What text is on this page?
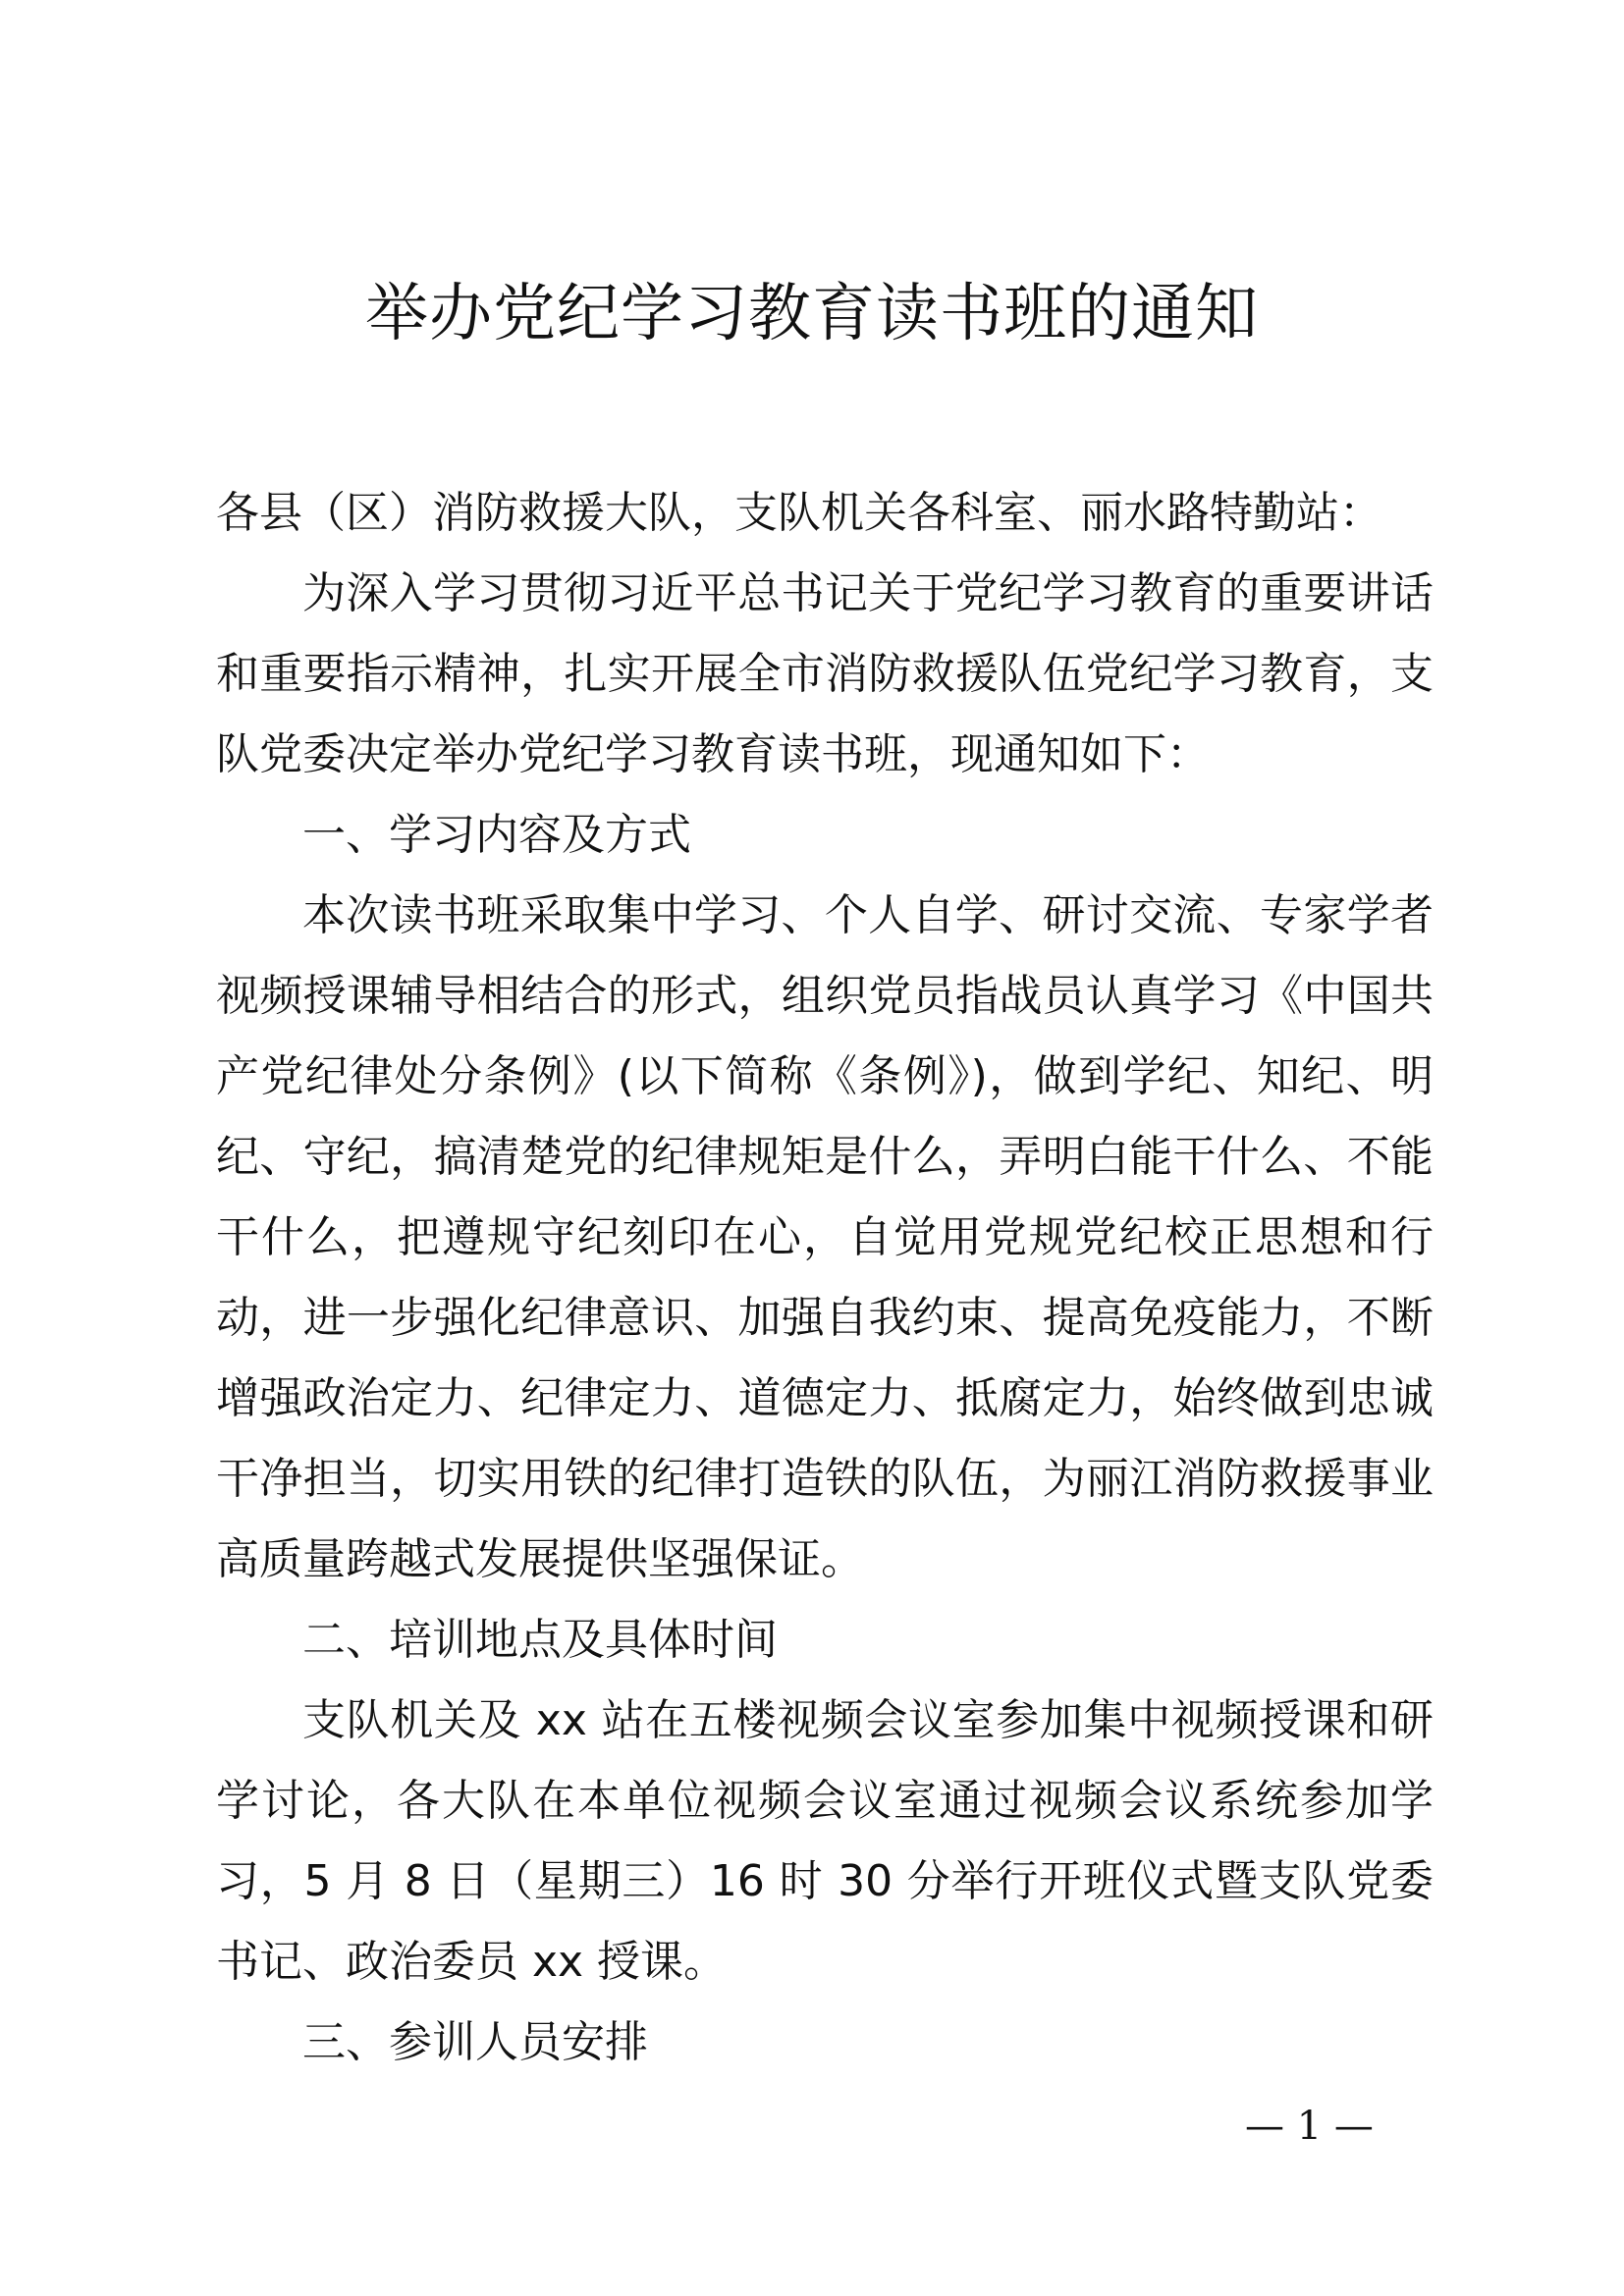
举办党纪学习教育读书班的通知

各县（区）消防救援大队，支队机关各科室、丽水路特勤站：

为深入学习贯彻习近平总书记关于党纪学习教育的重要讲话和重要指示精神，扎实开展全市消防救援队伍党纪学习教育，支队党委决定举办党纪学习教育读书班，现通知如下：

一、学习内容及方式

本次读书班采取集中学习、个人自学、研讨交流、专家学者视频授课辅导相结合的形式，组织党员指战员认真学习《中国共产党纪律处分条例》(以下简称《条例》)，做到学纪、知纪、明纪、守纪，搞清楚党的纪律规矩是什么，弄明白能干什么、不能干什么，把遵规守纪刻印在心，自觉用党规党纪校正思想和行动，进一步强化纪律意识、加强自我约束、提高免疫能力，不断增强政治定力、纪律定力、道德定力、抵腐定力，始终做到忠诚干净担当，切实用铁的纪律打造铁的队伍，为丽江消防救援事业高质量跨越式发展提供坚强保证。

二、培训地点及具体时间

支队机关及 xx 站在五楼视频会议室参加集中视频授课和研学讨论，各大队在本单位视频会议室通过视频会议系统参加学习，5 月 8 日（星期三）16 时 30 分举行开班仪式暨支队党委书记、政治委员 xx 授课。

三、参训人员安排

— 1 —
